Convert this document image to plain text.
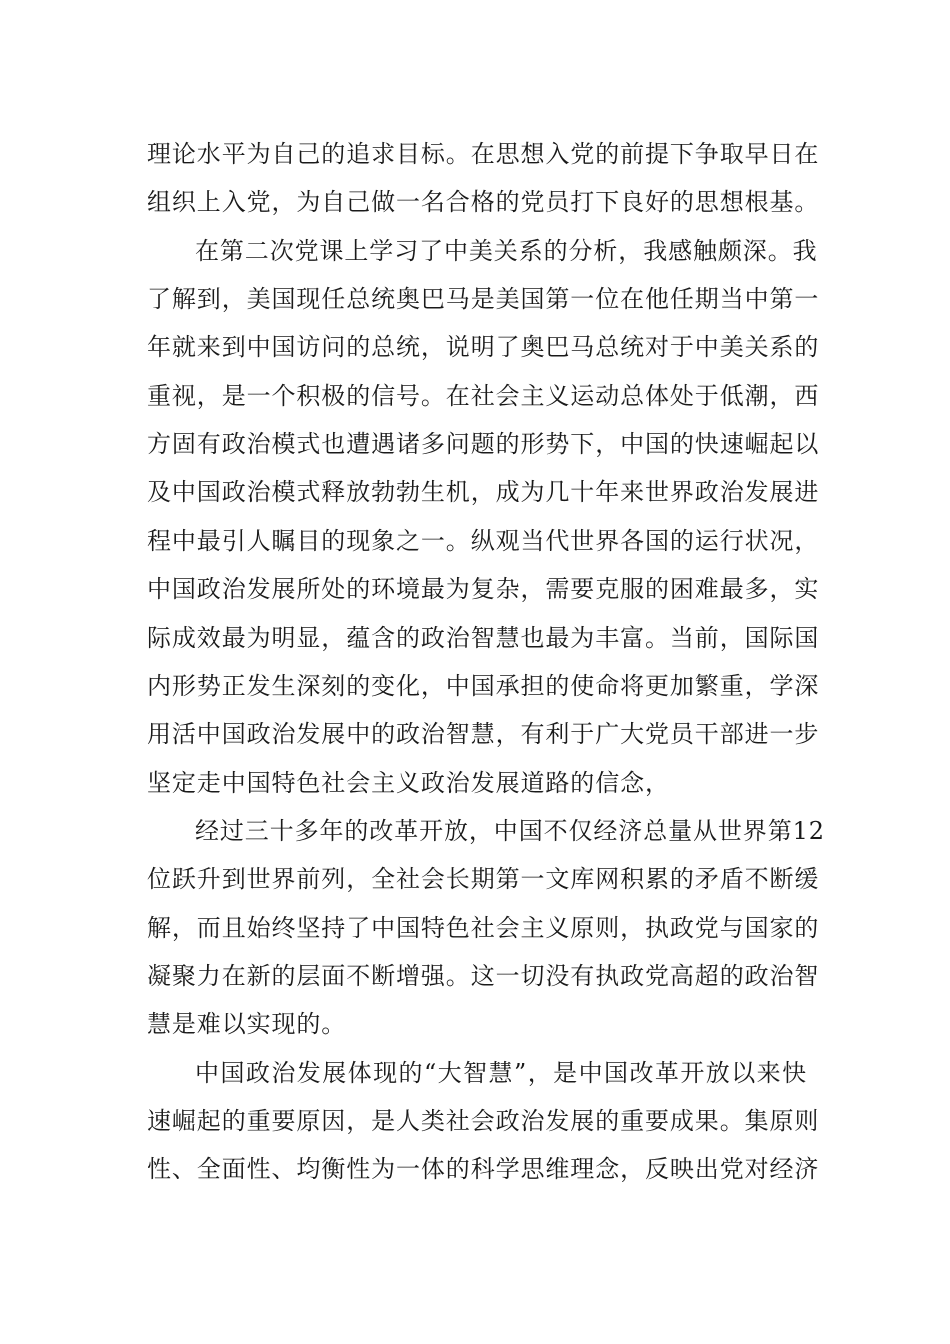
理论水平为自己的追求目标。在思想入党的前提下争取早日在
组织上入党，为自己做一名合格的党员打下良好的思想根基。
在第二次党课上学习了中美关系的分析，我感触颇深。我
了解到，美国现任总统奥巴马是美国第一位在他任期当中第一
年就来到中国访问的总统，说明了奥巴马总统对于中美关系的
重视，是一个积极的信号。在社会主义运动总体处于低潮，西
方固有政治模式也遭遇诸多问题的形势下，中国的快速崛起以
及中国政治模式释放勃勃生机，成为几十年来世界政治发展进
程中最引人瞩目的现象之一。纵观当代世界各国的运行状况，
中国政治发展所处的环境最为复杂，需要克服的困难最多，实
际成效最为明显，蕴含的政治智慧也最为丰富。当前，国际国
内形势正发生深刻的变化，中国承担的使命将更加繁重，学深
用活中国政治发展中的政治智慧，有利于广大党员干部进一步
坚定走中国特色社会主义政治发展道路的信念，
经过三十多年的改革开放，中国不仅经济总量从世界第12
位跃升到世界前列，全社会长期第一文库网积累的矛盾不断缓
解，而且始终坚持了中国特色社会主义原则，执政党与国家的
凝聚力在新的层面不断增强。这一切没有执政党高超的政治智
慧是难以实现的。
中国政治发展体现的“大智慧”，是中国改革开放以来快
速崛起的重要原因，是人类社会政治发展的重要成果。集原则
性、全面性、均衡性为一体的科学思维理念，反映出党对经济
